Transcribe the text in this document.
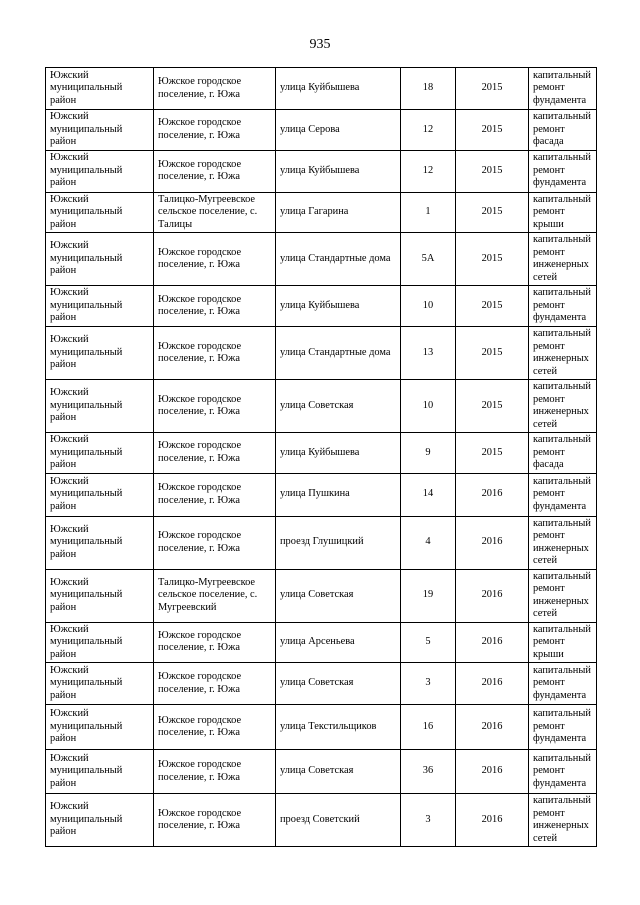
935
Южский муниципальный район	Южское городское поселение, г. Южа	улица Куйбышева	18	2015	капитальный ремонт фундамента
Южский муниципальный район	Южское городское поселение, г. Южа	улица Серова	12	2015	капитальный ремонт фасада
Южский муниципальный район	Южское городское поселение, г. Южа	улица Куйбышева	12	2015	капитальный ремонт фундамента
Южский муниципальный район	Талицко-Мугреевское сельское поселение, с. Талицы	улица Гагарина	1	2015	капитальный ремонт крыши
Южский муниципальный район	Южское городское поселение, г. Южа	улица Стандартные дома	5А	2015	капитальный ремонт инженерных сетей
Южский муниципальный район	Южское городское поселение, г. Южа	улица Куйбышева	10	2015	капитальный ремонт фундамента
Южский муниципальный район	Южское городское поселение, г. Южа	улица Стандартные дома	13	2015	капитальный ремонт инженерных сетей
Южский муниципальный район	Южское городское поселение, г. Южа	улица Советская	10	2015	капитальный ремонт инженерных сетей
Южский муниципальный район	Южское городское поселение, г. Южа	улица Куйбышева	9	2015	капитальный ремонт фасада
Южский муниципальный район	Южское городское поселение, г. Южа	улица Пушкина	14	2016	капитальный ремонт фундамента
Южский муниципальный район	Южское городское поселение, г. Южа	проезд Глушицкий	4	2016	капитальный ремонт инженерных сетей
Южский муниципальный район	Талицко-Мугреевское сельское поселение, с. Мугреевский	улица Советская	19	2016	капитальный ремонт инженерных сетей
Южский муниципальный район	Южское городское поселение, г. Южа	улица Арсеньева	5	2016	капитальный ремонт крыши
Южский муниципальный район	Южское городское поселение, г. Южа	улица Советская	3	2016	капитальный ремонт фундамента
Южский муниципальный район	Южское городское поселение, г. Южа	улица Текстильщиков	16	2016	капитальный ремонт фундамента
Южский муниципальный район	Южское городское поселение, г. Южа	улица Советская	36	2016	капитальный ремонт фундамента
Южский муниципальный район	Южское городское поселение, г. Южа	проезд Советский	3	2016	капитальный ремонт инженерных сетей
